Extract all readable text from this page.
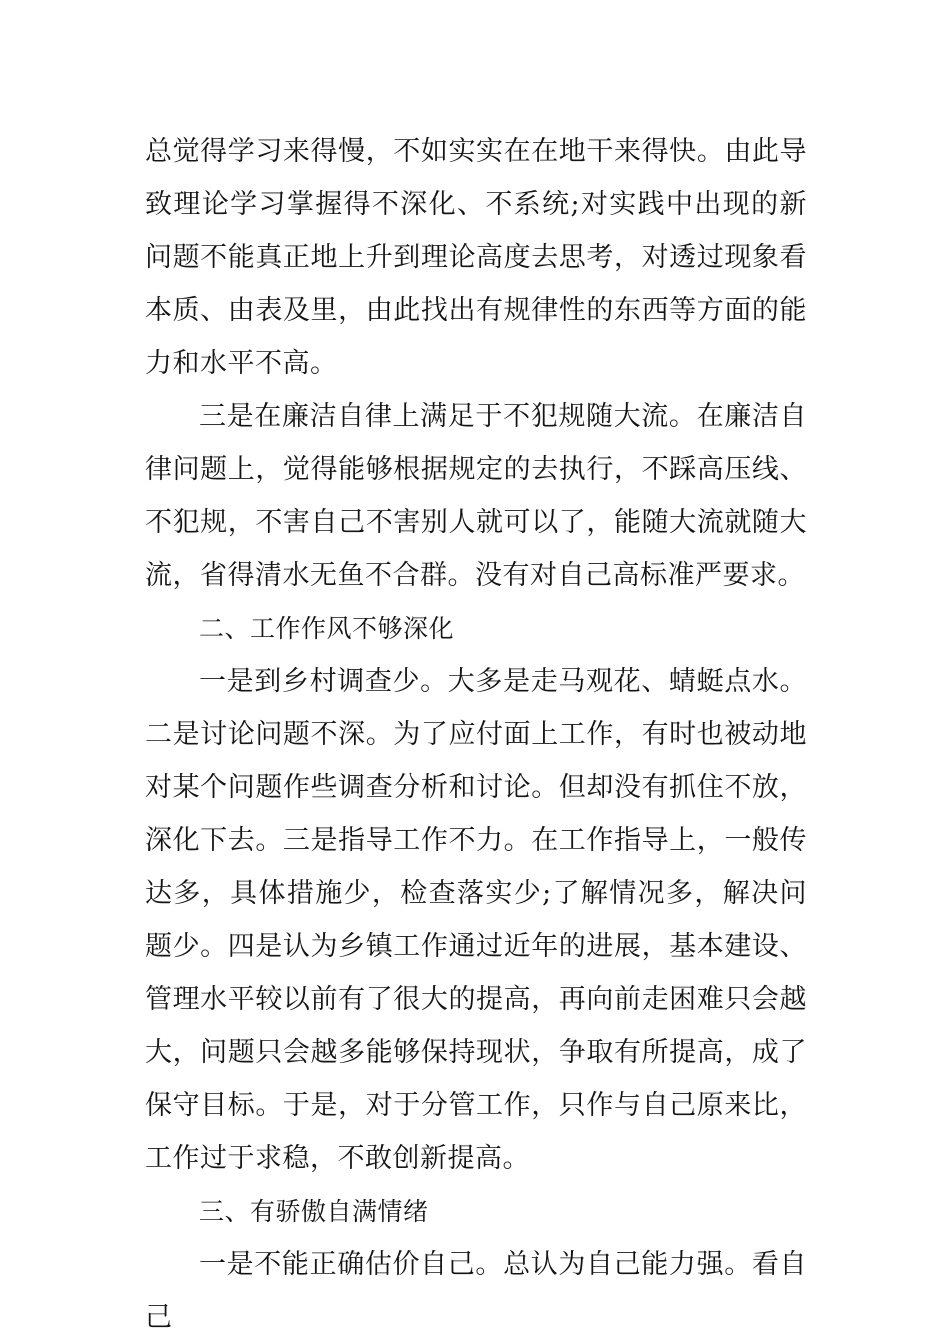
总觉得学习来得慢，不如实实在在地干来得快。由此导致理论学习掌握得不深化、不系统;对实践中出现的新问题不能真正地上升到理论高度去思考，对透过现象看本质、由表及里，由此找出有规律性的东西等方面的能力和水平不高。

三是在廉洁自律上满足于不犯规随大流。在廉洁自律问题上，觉得能够根据规定的去执行，不踩高压线、不犯规，不害自己不害别人就可以了，能随大流就随大流，省得清水无鱼不合群。没有对自己高标准严要求。

二、工作作风不够深化

一是到乡村调查少。大多是走马观花、蜻蜓点水。二是讨论问题不深。为了应付面上工作，有时也被动地对某个问题作些调查分析和讨论。但却没有抓住不放，深化下去。三是指导工作不力。在工作指导上，一般传达多，具体措施少，检查落实少;了解情况多，解决问题少。四是认为乡镇工作通过近年的进展，基本建设、管理水平较以前有了很大的提高，再向前走困难只会越大，问题只会越多能够保持现状，争取有所提高，成了保守目标。于是，对于分管工作，只作与自己原来比，工作过于求稳，不敢创新提高。

三、有骄傲自满情绪

一是不能正确估价自己。总认为自己能力强。看自己
